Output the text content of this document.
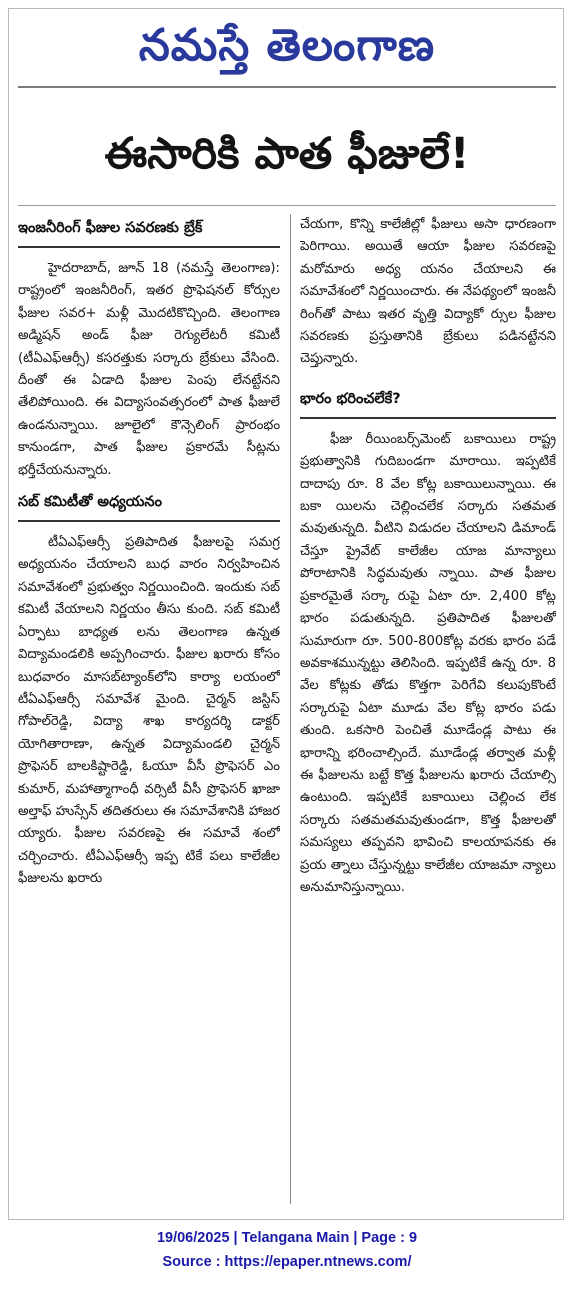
నమస్తే తెలంగాణ
ఈసారికి పాత ఫీజులే!
ఇంజనీరింగ్‌ ఫీజుల సవరణకు బ్రేక్‌

హైదరాబాద్‌, జూన్‌ 18 (నమస్తే తెలంగాణ): రాష్ట్రంలో ఇంజనీరింగ్‌, ఇతర ప్రొఫెషనల్‌ కోర్సుల ఫీజుల సవర‌+ మళ్లీ మొదటికొచ్చింది. తెలంగాణ అడ్మిషన్‌ అండ్‌ ఫీజు రెగ్యులేటరీ కమిటీ (టీఏఎఫ్‌ఆర్సీ) కసరత్తుకు సర్కారు బ్రేకులు వేసింది. దీంతో ఈ ఏడాది ఫీజుల పెంపు లేనట్టేనని తేలిపోయింది. ఈ విద్యాసంవత్సరంలో పాత ఫీజులే ఉండనున్నాయి. జూలైలో కౌన్సెలింగ్‌ ప్రారంభం కానుండగా, పాత ఫీజుల ప్రకారమే సీట్లను భర్తీచేయనున్నారు.

సబ్‌ కమిటీతో అధ్యయనం

టీఏఎఫ్‌ఆర్సీ ప్రతిపాదిత ఫీజులపై సమగ్ర అధ్యయనం చేయాలని బుధ వారం నిర్వహించిన సమావేశంలో ప్రభుత్వం నిర్ణయించింది. ఇందుకు సబ్‌ కమిటీ వేయాలని నిర్ణయం తీసు కుంది. సబ్‌ కమిటీ ఏర్పాటు బాధ్యత లను తెలంగాణ ఉన్నత విద్యామండలికి అప్పగించారు. ఫీజుల ఖరారు కోసం బుధవారం మాసబ్‌ట్యాంక్‌లోని కార్యా లయంలో టీఏఎఫ్‌ఆర్సీ సమావేశ మైంది. చైర్మన్‌ జస్టిస్‌ గోపాల్‌రెడ్డి, విద్యా శాఖ కార్యదర్శి డాక్టర్‌ యోగితారాణా, ఉన్నత విద్యామండలి చైర్మన్‌ ప్రొఫెసర్‌ బాలకిష్టారెడ్డి, ఓయూ వీసీ ప్రొఫెసర్‌ ఎం కుమార్‌, మహాత్మాగాంధీ వర్సిటీ వీసీ ప్రొఫెసర్‌ ఖాజా అల్తాఫ్‌ హుస్సేన్‌ తదితరులు ఈ సమావేశానికి హాజర య్యారు. ఫీజుల సవరణపై ఈ సమావే శంలో చర్చించారు. టీఏఎఫ్‌ఆర్సీ ఇప్ప టికే పలు కాలేజీల ఫీజులను ఖరారు

చేయగా, కొన్ని కాలేజీల్లో ఫీజులు అసా ధారణంగా పెరిగాయి. అయితే ఆయా ఫీజుల సవరణపై మరోమారు అధ్య యనం చేయాలని ఈ సమావేశంలో నిర్ణయించారు. ఈ నేపథ్యంలో ఇంజనీ రింగ్‌తో పాటు ఇతర వృత్తి విద్యాకో ర్సుల ఫీజుల సవరణకు ప్రస్తుతానికి బ్రేకులు పడినట్టేనని చెప్తున్నారు.

భారం భరించలేకే?

ఫీజు రీయింబర్స్‌మెంట్‌ బకాయిలు రాష్ట్ర ప్రభుత్వానికి గుదిబండగా మారాయి. ఇప్పటికే దాదాపు రూ. 8 వేల కోట్ల బకాయిలున్నాయి. ఈ బకా యిలను చెల్లించలేక సర్కారు సతమత మవుతున్నది. వీటిని విడుదల చేయాలని డిమాండ్‌ చేస్తూ ప్రైవేట్‌ కాలేజీల యాజ మాన్యాలు పోరాటానికి సిద్ధమవుతు న్నాయి. పాత ఫీజుల ప్రకారమైతే సర్కా రుపై ఏటా రూ. 2,400 కోట్ల భారం పడుతున్నది. ప్రతిపాదిత ఫీజులతో సుమారుగా రూ. 500-800కోట్ల వరకు భారం పడే అవకాశమున్నట్టు తెలిసింది. ఇప్పటికే ఉన్న రూ. 8 వేల కోట్లకు తోడు కొత్తగా పెరిగేవి కలుపుకొంటే సర్కారుపై ఏటా మూడు వేల కోట్ల భారం పడు తుంది. ఒకసారి పెంచితే మూడేండ్ల పాటు ఈ భారాన్ని భరించాల్సిందే. మూడేండ్ల తర్వాత మళ్లీ ఈ ఫీజులను బట్టే కొత్త ఫీజులను ఖరారు చేయాల్సి ఉంటుంది. ఇప్పటికే బకాయిలు చెల్లించ లేక సర్కారు సతమతమవుతుండగా, కొత్త ఫీజులతో సమస్యలు తప్పవని భావించి కాలయాపనకు ఈ ప్రయ త్నాలు చేస్తున్నట్టు కాలేజీల యాజమా న్యాలు అనుమానిస్తున్నాయి.

19/06/2025 | Telangana Main | Page : 9
Source : https://epaper.ntnews.com/
